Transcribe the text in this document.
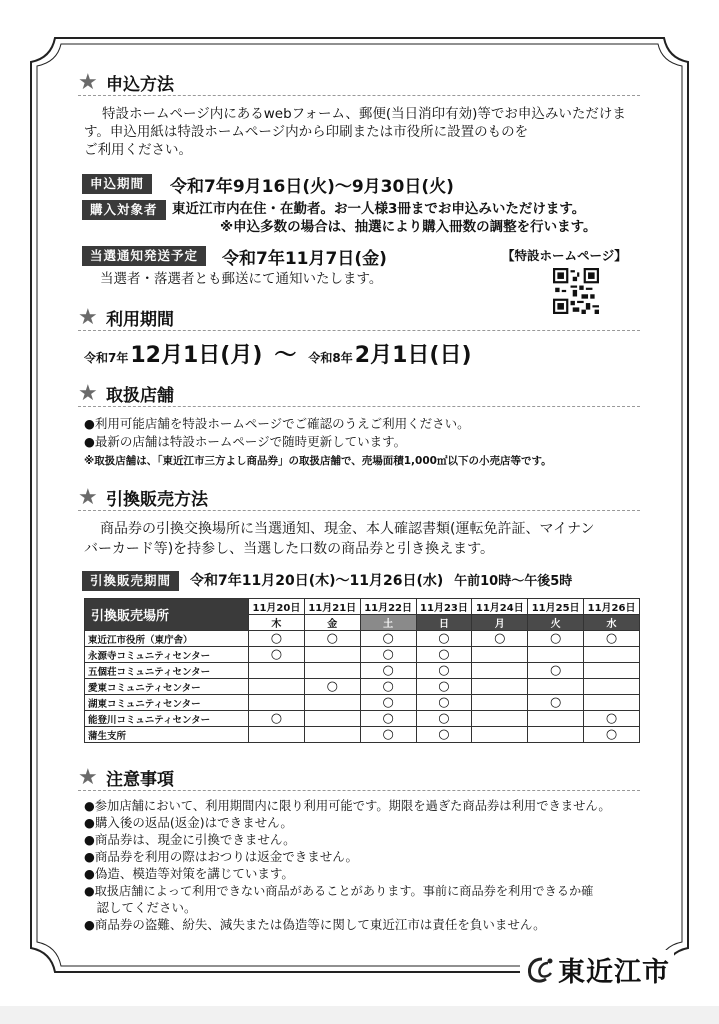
★ 申込方法
特設ホームページ内にあるwebフォーム、郵便(当日消印有効)等でお申込みいただけます。申込用紙は特設ホームページ内から印刷または市役所に設置のものを
ご利用ください。
申込期間	令和7年9月16日(火)～9月30日(火)
購入対象者	東近江市内在住・在勤者。お一人様3冊までお申込みいただけます。
※申込多数の場合は、抽選により購入冊数の調整を行います。
当選通知発送予定	令和7年11月7日(金)	【特設ホームページ】
当選者・落選者とも郵送にて通知いたします。
★ 利用期間
令和7年 12月1日(月) ～ 令和8年 2月1日(日)
★ 取扱店舗
●利用可能店舗を特設ホームページでご確認のうえご利用ください。
●最新の店舗は特設ホームページで随時更新しています。
※取扱店舗は、「東近江市三方よし商品券」の取扱店舗で、売場面積1,000㎡以下の小売店等です。
★ 引換販売方法
商品券の引換交換場所に当選通知、現金、本人確認書類(運転免許証、マイナン
バーカード等)を持参し、当選した口数の商品券と引き換えます。
引換販売期間	令和7年11月20日(木)～11月26日(水) 午前10時～午後5時
引換販売場所	11月20日	11月21日	11月22日	11月23日	11月24日	11月25日	11月26日
	木	金	土	日	月	火	水
東近江市役所（東庁舎）	○	○	○	○	○	○	○
永源寺コミュニティセンター	○		○	○			
五個荘コミュニティセンター			○	○		○	
愛東コミュニティセンター		○	○	○			
湖東コミュニティセンター			○	○		○	
能登川コミュニティセンター	○		○	○			○
蒲生支所			○	○			○
★ 注意事項
●参加店舗において、利用期間内に限り利用可能です。期限を過ぎた商品券は利用できません。
●購入後の返品(返金)はできません。
●商品券は、現金に引換できません。
●商品券を利用の際はおつりは返金できません。
●偽造、模造等対策を講じています。
●取扱店舗によって利用できない商品があることがあります。事前に商品券を利用できるか確
　認してください。
●商品券の盗難、紛失、減失または偽造等に関して東近江市は責任を負いません。
東近江市
